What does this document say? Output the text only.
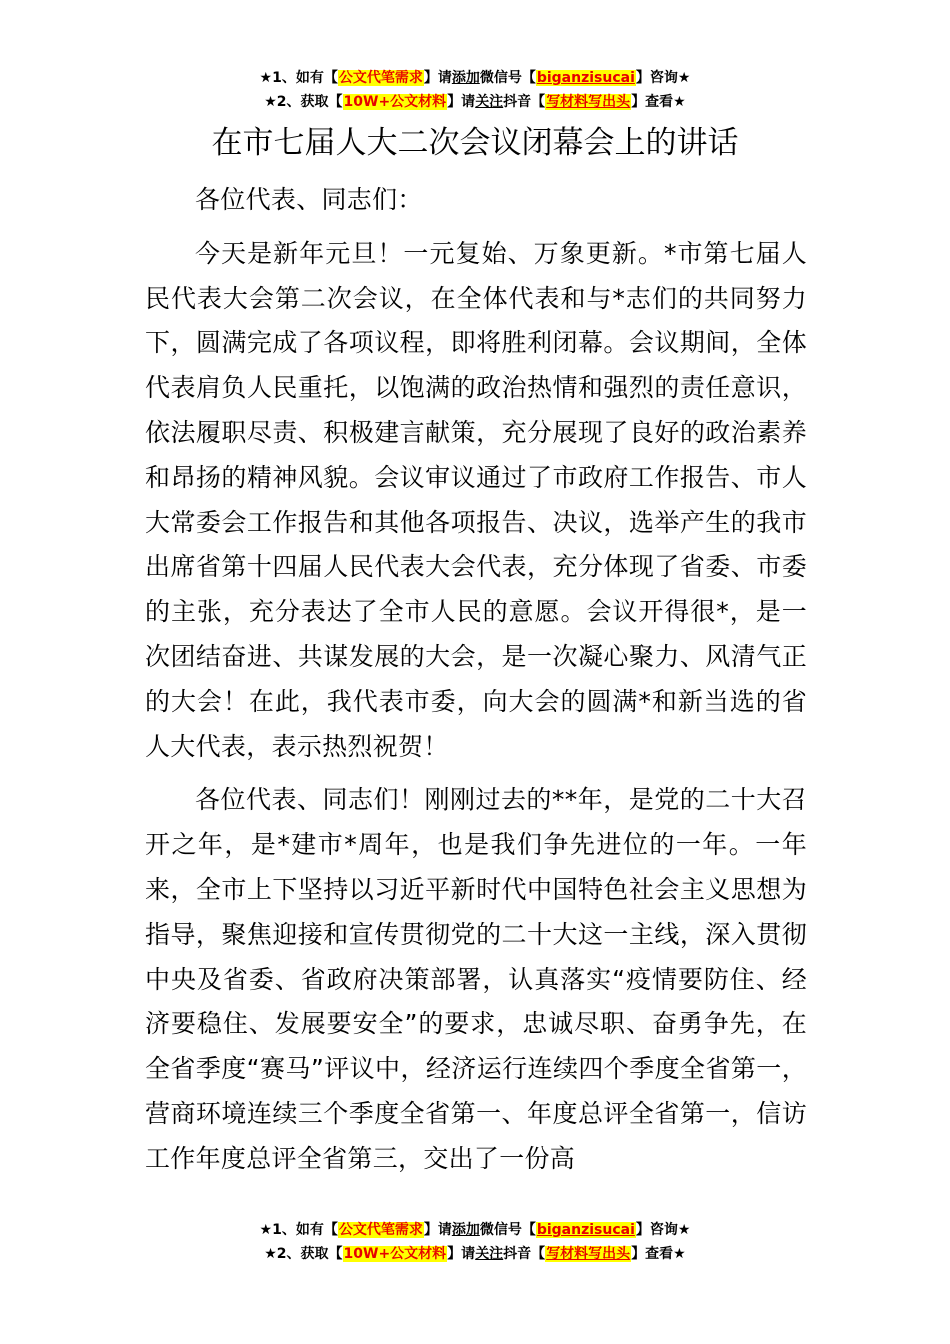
★1、如有【公文代笔需求】请添加微信号【biganzisucai】咨询★
★2、获取【10W+公文材料】请关注抖音【写材料写出头】查看★
在市七届人大二次会议闭幕会上的讲话

各位代表、同志们：

今天是新年元旦！一元复始、万象更新。*市第七届人民代表大会第二次会议，在全体代表和与*志们的共同努力下，圆满完成了各项议程，即将胜利闭幕。会议期间，全体代表肩负人民重托，以饱满的政治热情和强烈的责任意识，依法履职尽责、积极建言献策，充分展现了良好的政治素养和昂扬的精神风貌。会议审议通过了市政府工作报告、市人大常委会工作报告和其他各项报告、决议，选举产生的我市出席省第十四届人民代表大会代表，充分体现了省委、市委的主张，充分表达了全市人民的意愿。会议开得很*，是一次团结奋进、共谋发展的大会，是一次凝心聚力、风清气正的大会！在此，我代表市委，向大会的圆满*和新当选的省人大代表，表示热烈祝贺！

各位代表、同志们！刚刚过去的**年，是党的二十大召开之年，是*建市*周年，也是我们争先进位的一年。一年来，全市上下坚持以习近平新时代中国特色社会主义思想为指导，聚焦迎接和宣传贯彻党的二十大这一主线，深入贯彻中央及省委、省政府决策部署，认真落实“疫情要防住、经济要稳住、发展要安全”的要求，忠诚尽职、奋勇争先，在全省季度“赛马”评议中，经济运行连续四个季度全省第一，营商环境连续三个季度全省第一、年度总评全省第一，信访工作年度总评全省第三，交出了一份高

★1、如有【公文代笔需求】请添加微信号【biganzisucai】咨询★
★2、获取【10W+公文材料】请关注抖音【写材料写出头】查看★
